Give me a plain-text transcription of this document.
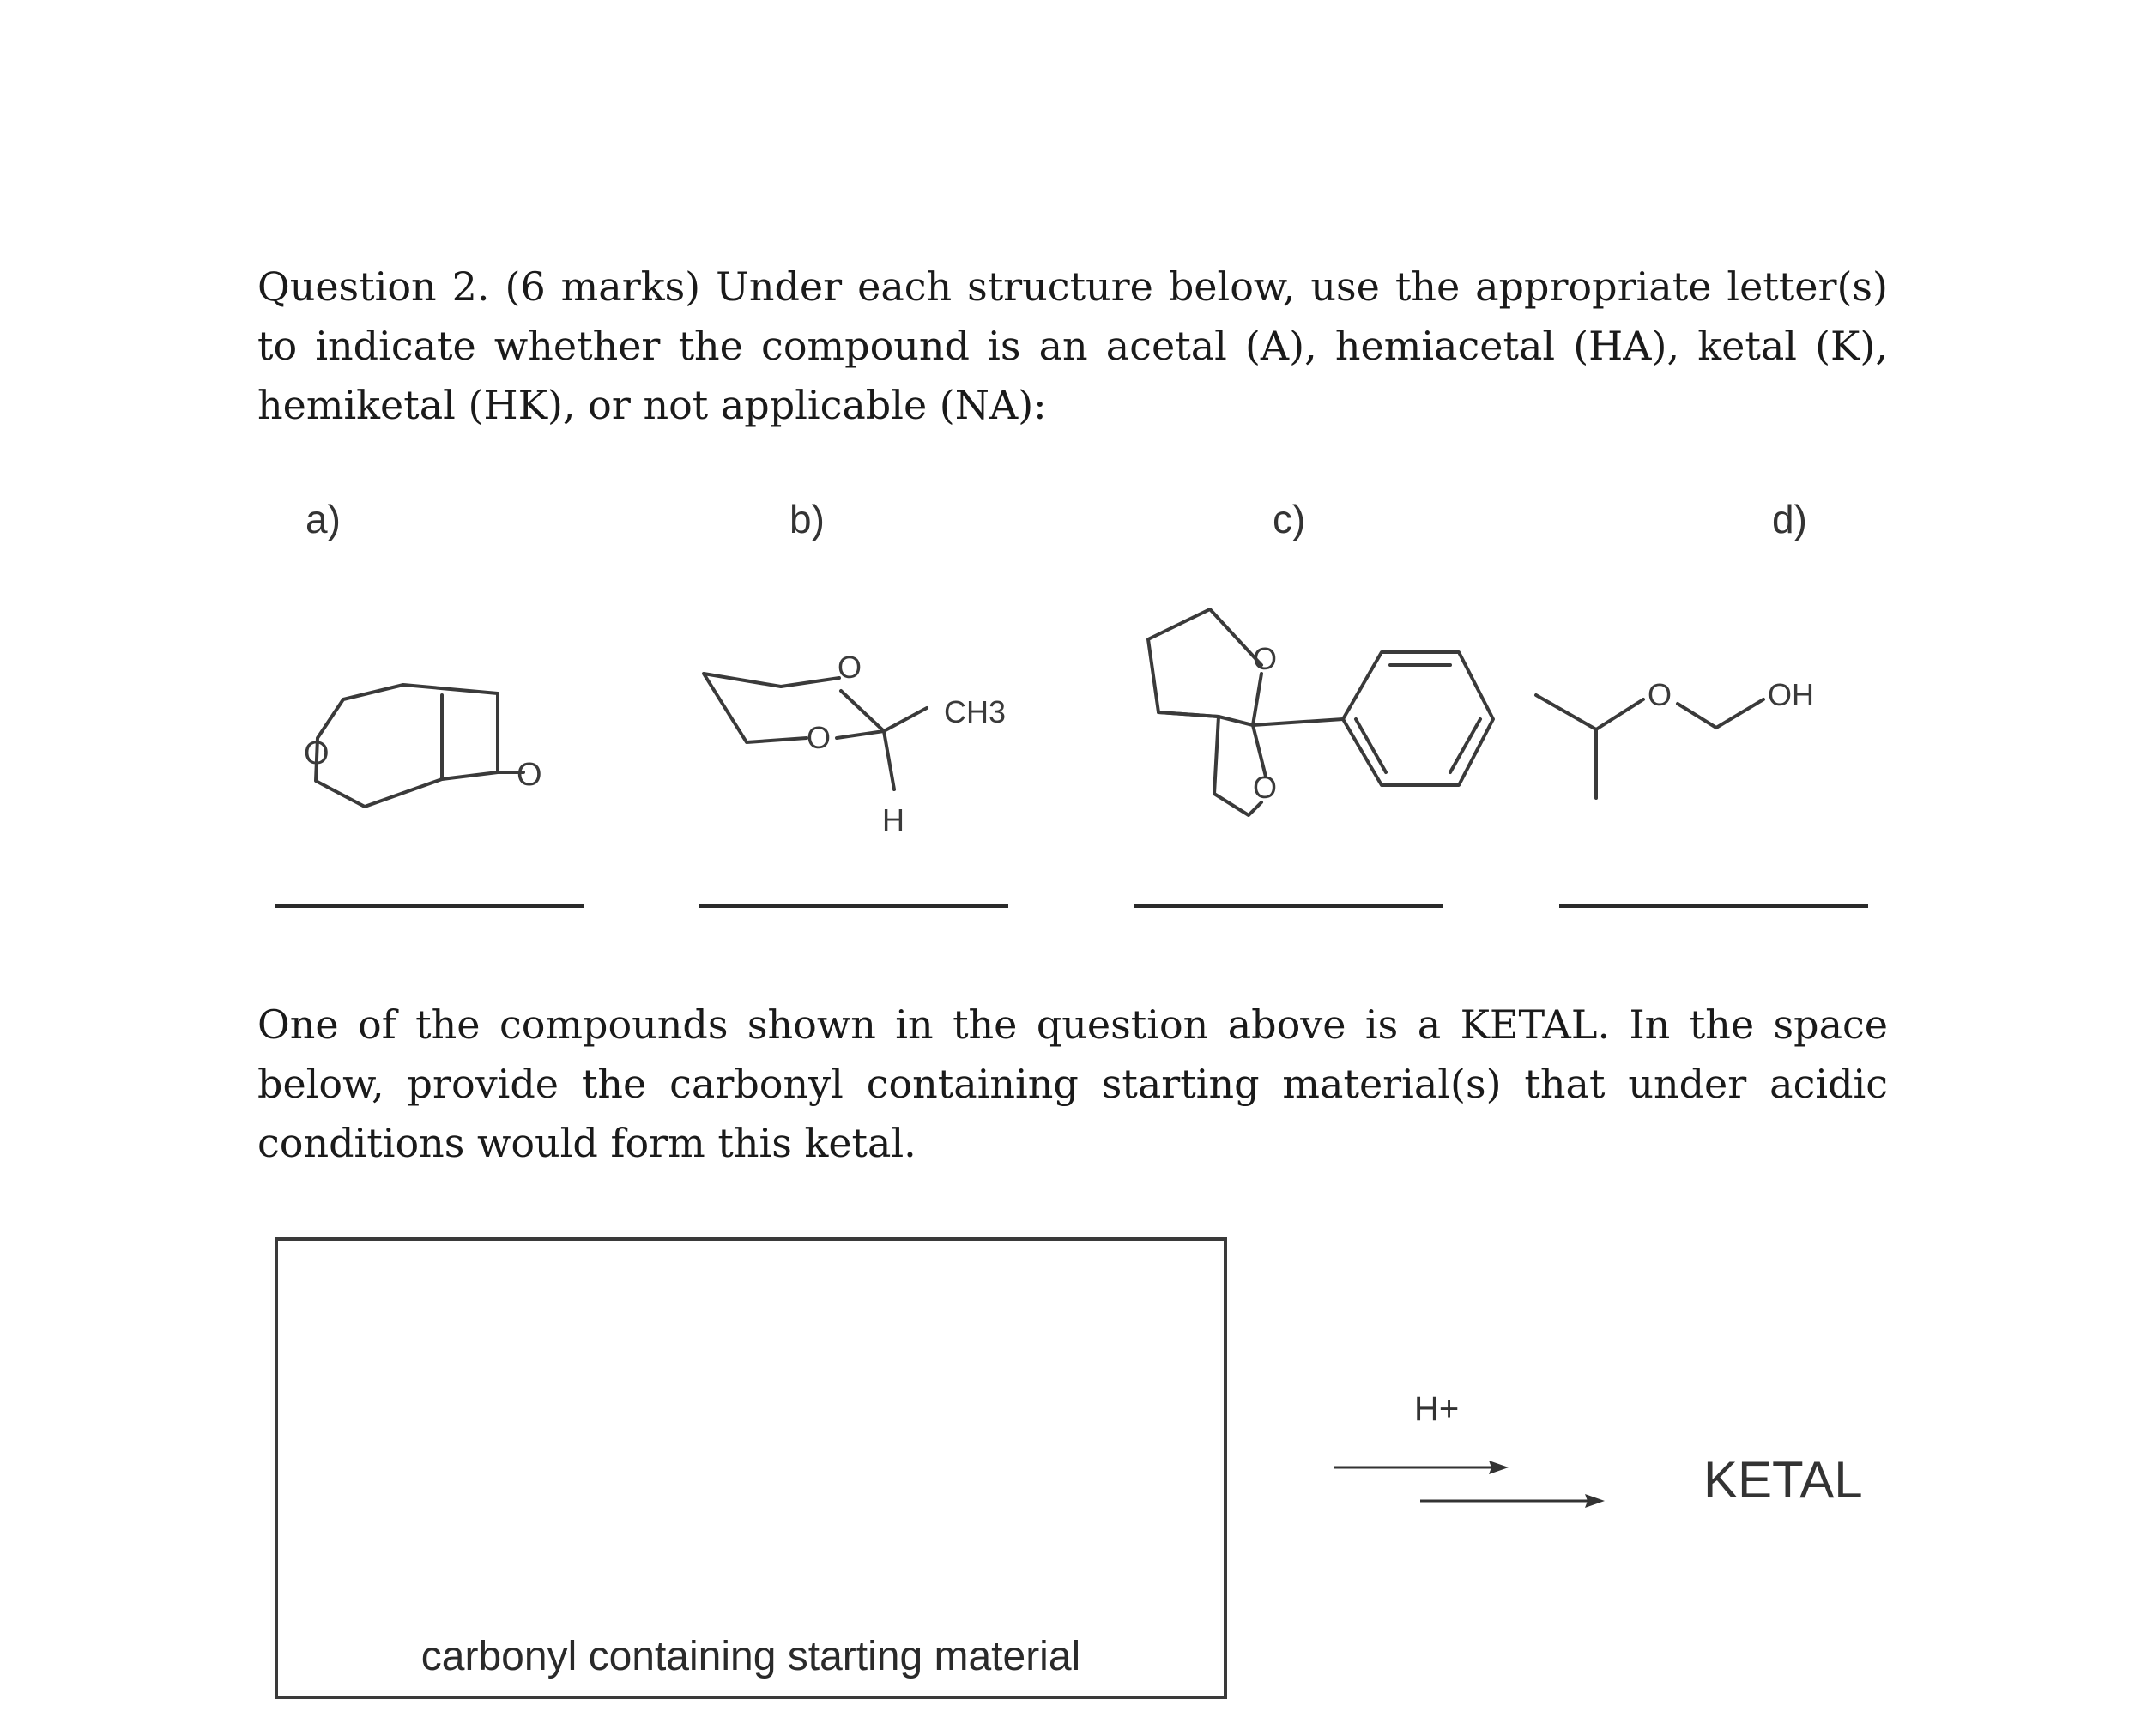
Question 2. (6 marks) Under each structure below, use the appropriate letter(s) to indicate whether the compound is an acetal (A), hemiacetal (HA), ketal (K), hemiketal (HK), or not applicable (NA):

a)	b)	c)	d)
O
O
O
O
CH3
H
O
O
O	OH

One of the compounds shown in the question above is a KETAL. In the space below, provide the carbonyl containing starting material(s) that under acidic conditions would form this ketal.

carbonyl containing starting material
H+
KETAL
